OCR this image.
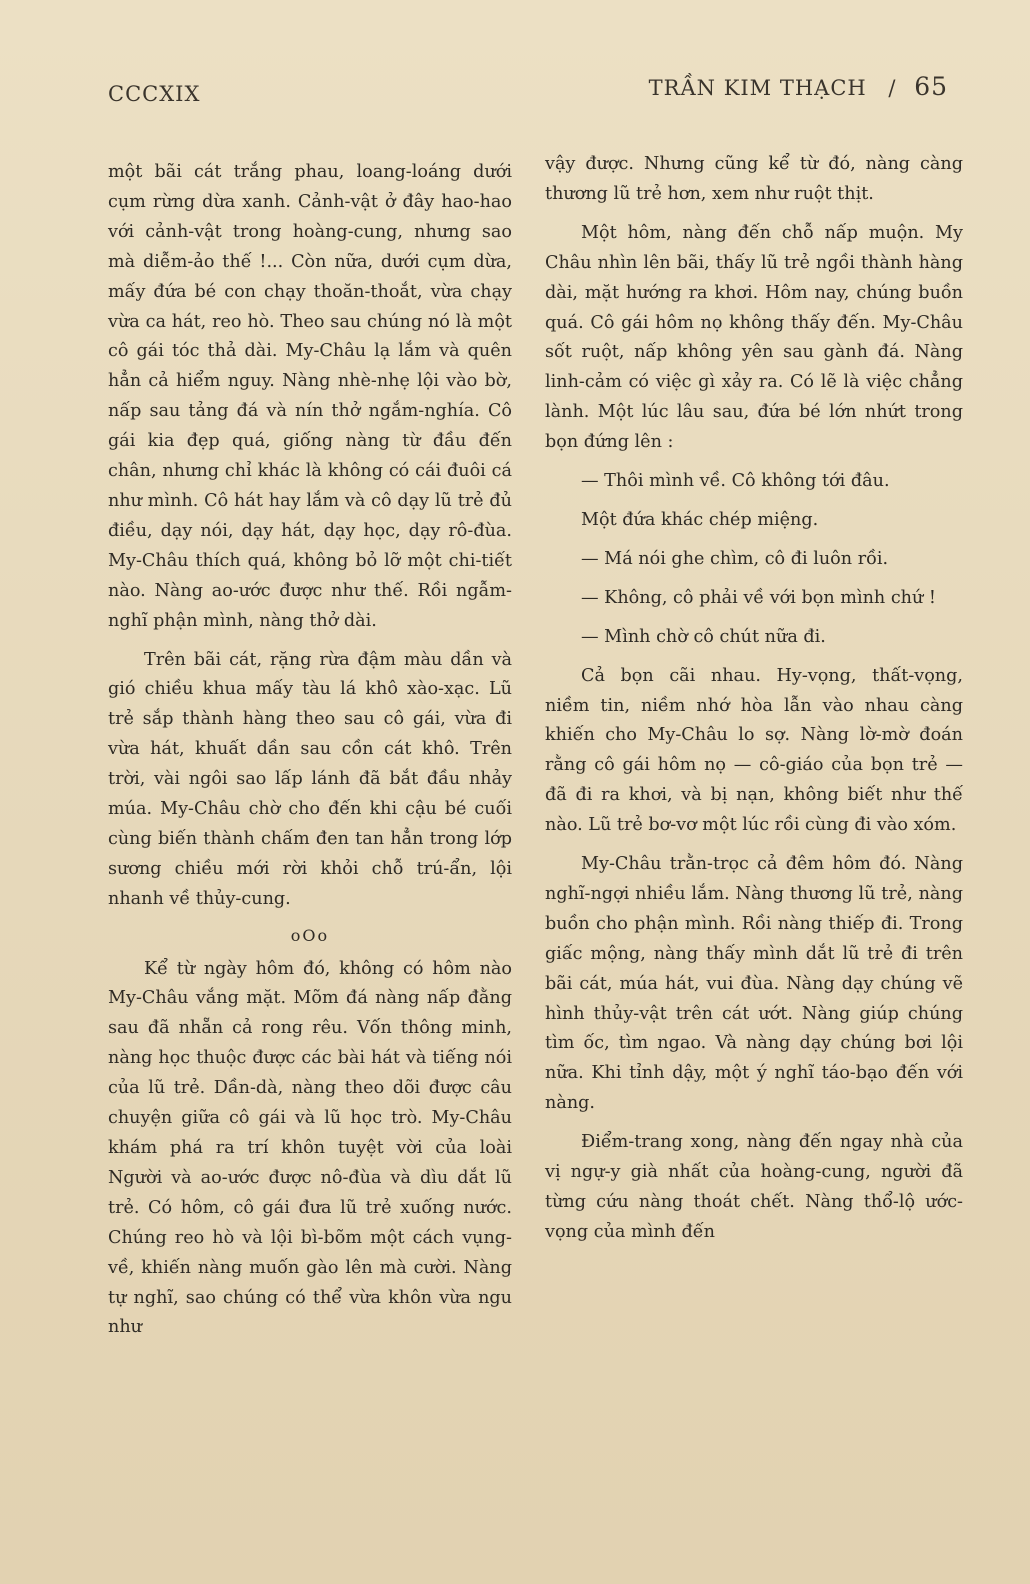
CCCXIX	TRẦN KIM THẠCH / 65

một bãi cát trắng phau, loang-loáng dưới cụm rừng dừa xanh. Cảnh-vật ở đây hao-hao với cảnh-vật trong hoàng-cung, nhưng sao mà diễm-ảo thế !... Còn nữa, dưới cụm dừa, mấy đứa bé con chạy thoăn-thoắt, vừa chạy vừa ca hát, reo hò. Theo sau chúng nó là một cô gái tóc thả dài. My-Châu lạ lắm và quên hẳn cả hiểm nguy. Nàng nhè-nhẹ lội vào bờ, nấp sau tảng đá và nín thở ngắm-nghía. Cô gái kia đẹp quá, giống nàng từ đầu đến chân, nhưng chỉ khác là không có cái đuôi cá như mình. Cô hát hay lắm và cô dạy lũ trẻ đủ điều, dạy nói, dạy hát, dạy học, dạy rô-đùa. My-Châu thích quá, không bỏ lỡ một chi-tiết nào. Nàng ao-ước được như thế. Rồi ngẫm-nghĩ phận mình, nàng thở dài.

Trên bãi cát, rặng rừa đậm màu dần và gió chiều khua mấy tàu lá khô xào-xạc. Lũ trẻ sắp thành hàng theo sau cô gái, vừa đi vừa hát, khuất dần sau cồn cát khô. Trên trời, vài ngôi sao lấp lánh đã bắt đầu nhảy múa. My-Châu chờ cho đến khi cậu bé cuối cùng biến thành chấm đen tan hẳn trong lớp sương chiều mới rời khỏi chỗ trú-ẩn, lội nhanh về thủy-cung.

oOo

Kể từ ngày hôm đó, không có hôm nào My-Châu vắng mặt. Mõm đá nàng nấp đằng sau đã nhẵn cả rong rêu. Vốn thông minh, nàng học thuộc được các bài hát và tiếng nói của lũ trẻ. Dần-dà, nàng theo dõi được câu chuyện giữa cô gái và lũ học trò. My-Châu khám phá ra trí khôn tuyệt vời của loài Người và ao-ước được nô-đùa và dìu dắt lũ trẻ. Có hôm, cô gái đưa lũ trẻ xuống nước. Chúng reo hò và lội bì-bõm một cách vụng-về, khiến nàng muốn gào lên mà cười. Nàng tự nghĩ, sao chúng có thể vừa khôn vừa ngu như

vậy được. Nhưng cũng kể từ đó, nàng càng thương lũ trẻ hơn, xem như ruột thịt.

Một hôm, nàng đến chỗ nấp muộn. My Châu nhìn lên bãi, thấy lũ trẻ ngồi thành hàng dài, mặt hướng ra khơi. Hôm nay, chúng buồn quá. Cô gái hôm nọ không thấy đến. My-Châu sốt ruột, nấp không yên sau gành đá. Nàng linh-cảm có việc gì xảy ra. Có lẽ là việc chẳng lành. Một lúc lâu sau, đứa bé lớn nhứt trong bọn đứng lên :

— Thôi mình về. Cô không tới đâu.

Một đứa khác chép miệng.

— Má nói ghe chìm, cô đi luôn rồi.

— Không, cô phải về với bọn mình chứ !

— Mình chờ cô chút nữa đi.

Cả bọn cãi nhau. Hy-vọng, thất-vọng, niềm tin, niềm nhớ hòa lẫn vào nhau càng khiến cho My-Châu lo sợ. Nàng lờ-mờ đoán rằng cô gái hôm nọ — cô-giáo của bọn trẻ — đã đi ra khơi, và bị nạn, không biết như thế nào. Lũ trẻ bơ-vơ một lúc rồi cùng đi vào xóm.

My-Châu trằn-trọc cả đêm hôm đó. Nàng nghĩ-ngợi nhiều lắm. Nàng thương lũ trẻ, nàng buồn cho phận mình. Rồi nàng thiếp đi. Trong giấc mộng, nàng thấy mình dắt lũ trẻ đi trên bãi cát, múa hát, vui đùa. Nàng dạy chúng vẽ hình thủy-vật trên cát ướt. Nàng giúp chúng tìm ốc, tìm ngao. Và nàng dạy chúng bơi lội nữa. Khi tỉnh dậy, một ý nghĩ táo-bạo đến với nàng.

Điểm-trang xong, nàng đến ngay nhà của vị ngự-y già nhất của hoàng-cung, người đã từng cứu nàng thoát chết. Nàng thổ-lộ ước-vọng của mình đến
